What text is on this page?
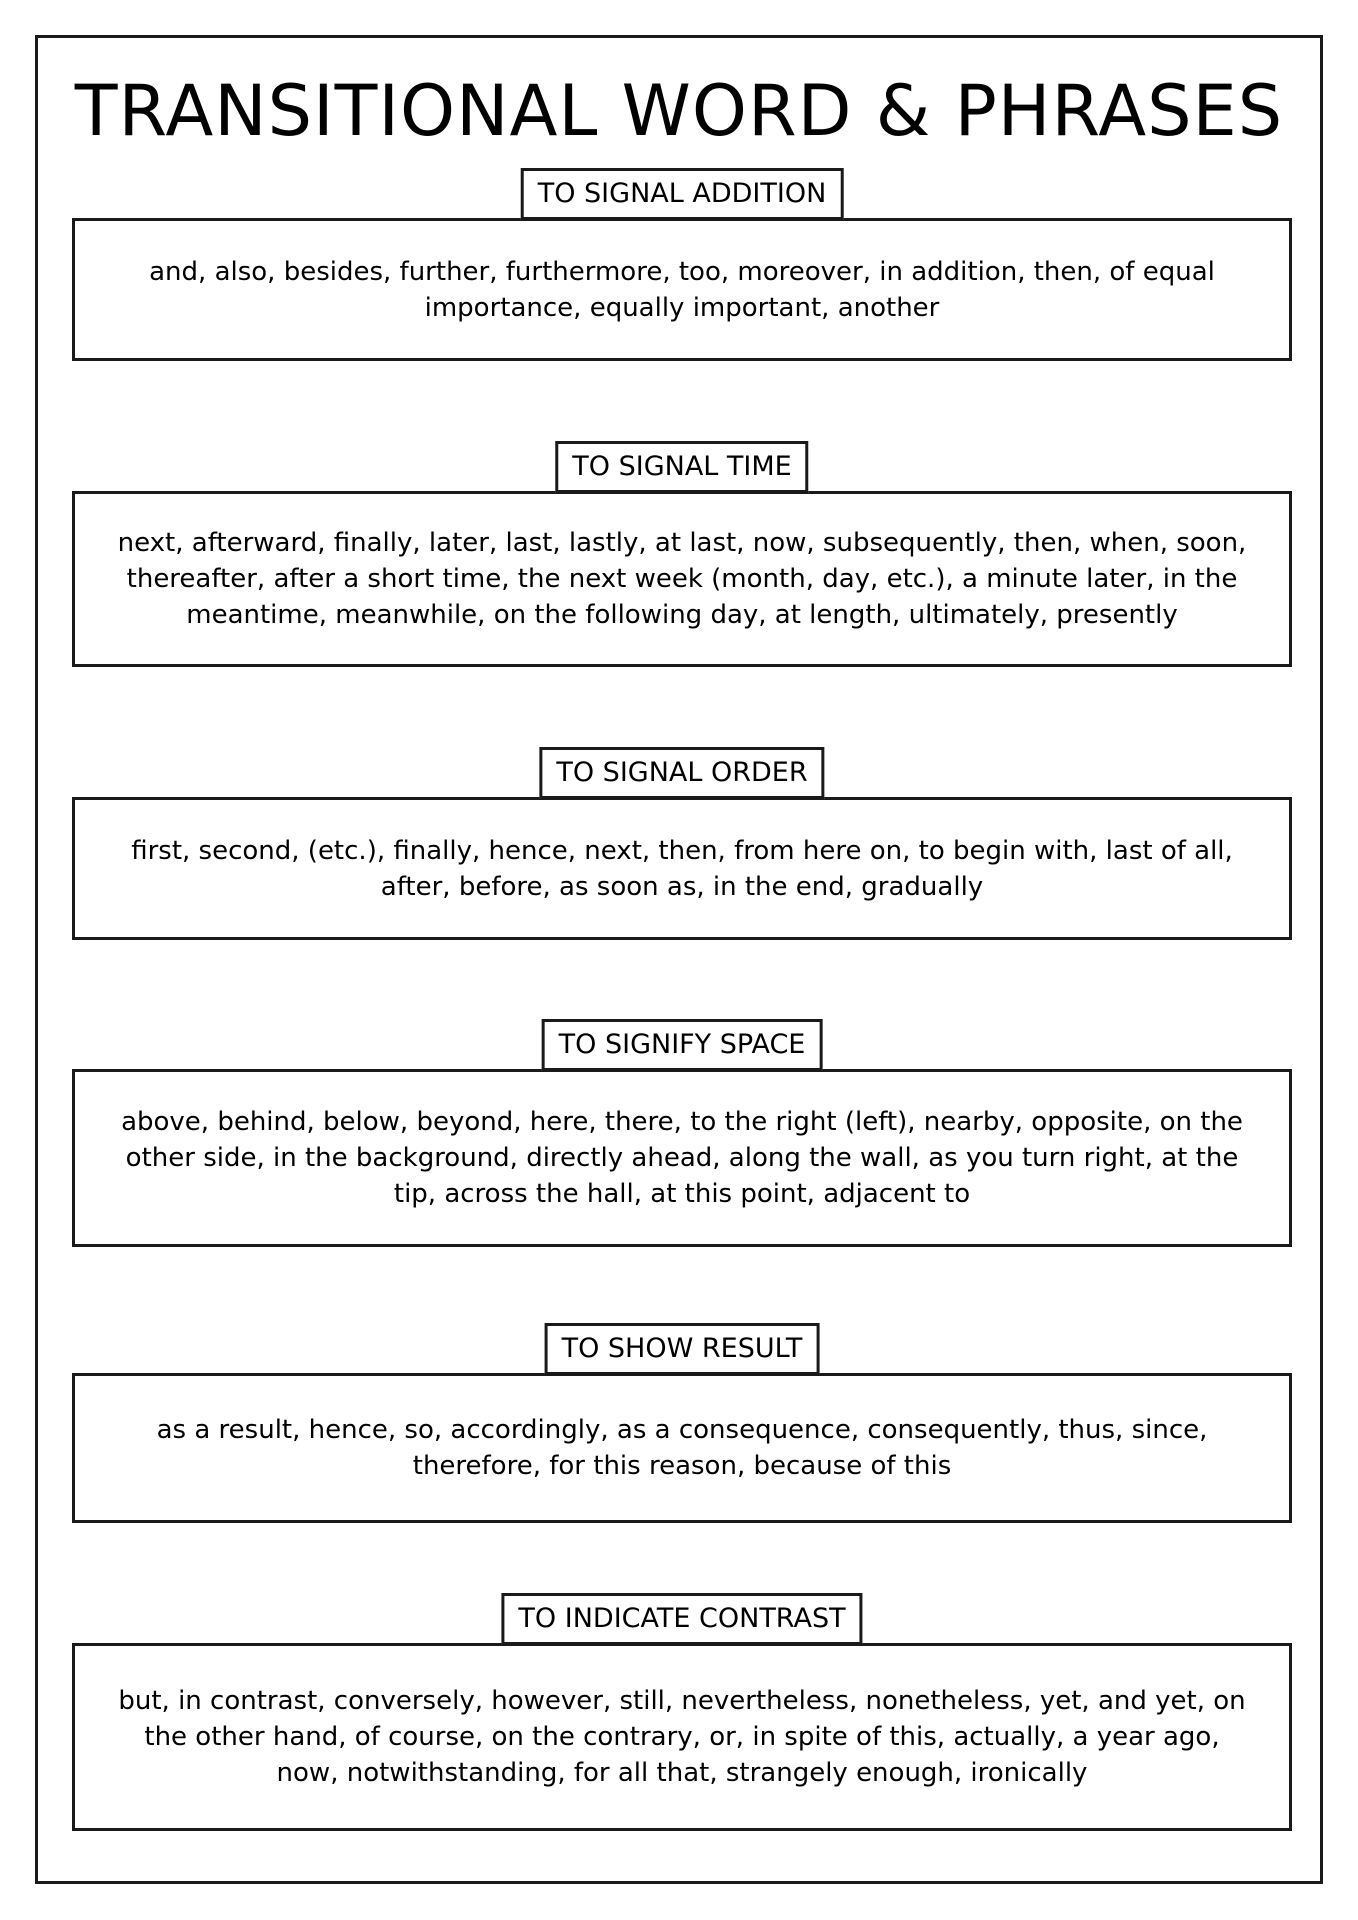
TRANSITIONAL WORD & PHRASES
TO SIGNAL ADDITION

and, also, besides, further, furthermore, too, moreover, in addition, then, of equal importance, equally important, another

TO SIGNAL TIME

next, afterward, finally, later, last, lastly, at last, now, subsequently, then, when, soon, thereafter, after a short time, the next week (month, day, etc.), a minute later, in the meantime, meanwhile, on the following day, at length, ultimately, presently

TO SIGNAL ORDER

first, second, (etc.), finally, hence, next, then, from here on, to begin with, last of all, after, before, as soon as, in the end, gradually

TO SIGNIFY SPACE

above, behind, below, beyond, here, there, to the right (left), nearby, opposite, on the other side, in the background, directly ahead, along the wall, as you turn right, at the tip, across the hall, at this point, adjacent to

TO SHOW RESULT

as a result, hence, so, accordingly, as a consequence, consequently, thus, since, therefore, for this reason, because of this

TO INDICATE CONTRAST

but, in contrast, conversely, however, still, nevertheless, nonetheless, yet, and yet, on the other hand, of course, on the contrary, or, in spite of this, actually, a year ago, now, notwithstanding, for all that, strangely enough, ironically
